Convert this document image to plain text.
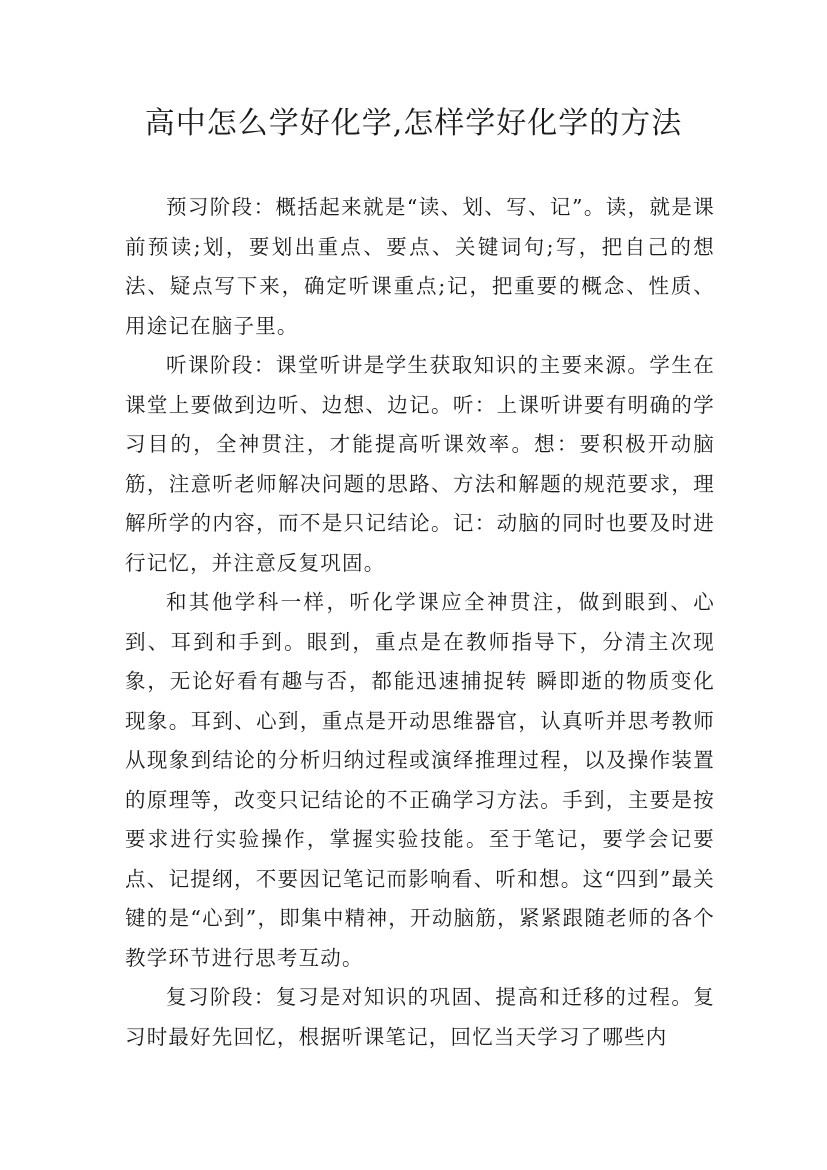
高中怎么学好化学,怎样学好化学的方法

预习阶段：概括起来就是“读、划、写、记”。读，就是课前预读;划，要划出重点、要点、关键词句;写，把自己的想法、疑点写下来，确定听课重点;记，把重要的概念、性质、用途记在脑子里。

听课阶段：课堂听讲是学生获取知识的主要来源。学生在课堂上要做到边听、边想、边记。听：上课听讲要有明确的学习目的，全神贯注，才能提高听课效率。想：要积极开动脑筋，注意听老师解决问题的思路、方法和解题的规范要求，理解所学的内容，而不是只记结论。记：动脑的同时也要及时进行记忆，并注意反复巩固。

和其他学科一样，听化学课应全神贯注，做到眼到、心到、耳到和手到。眼到，重点是在教师指导下，分清主次现象，无论好看有趣与否，都能迅速捕捉转 瞬即逝的物质变化现象。耳到、心到，重点是开动思维器官，认真听并思考教师从现象到结论的分析归纳过程或演绎推理过程，以及操作装置的原理等，改变只记结论的不正确学习方法。手到，主要是按要求进行实验操作，掌握实验技能。至于笔记，要学会记要点、记提纲，不要因记笔记而影响看、听和想。这“四到”最关键的是“心到”，即集中精神，开动脑筋，紧紧跟随老师的各个教学环节进行思考互动。

复习阶段：复习是对知识的巩固、提高和迁移的过程。复习时最好先回忆，根据听课笔记，回忆当天学习了哪些内
